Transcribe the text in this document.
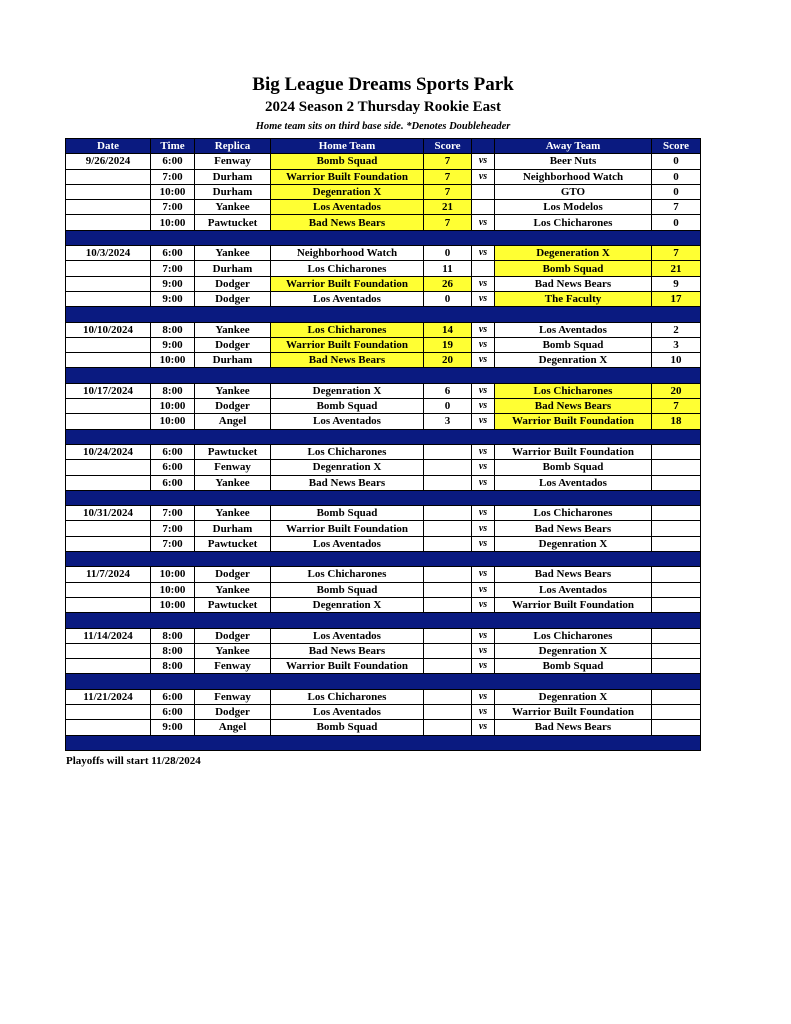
Big League Dreams Sports Park
2024 Season 2 Thursday Rookie East
Home team sits on third base side. *Denotes Doubleheader
Date	Time	Replica	Home Team	Score		Away Team	Score
9/26/2024	6:00	Fenway	Bomb Squad	7	vs	Beer Nuts	0
	7:00	Durham	Warrior Built Foundation	7	vs	Neighborhood Watch	0
	10:00	Durham	Degenration X	7		GTO	0
	7:00	Yankee	Los Aventados	21		Los Modelos	7
	10:00	Pawtucket	Bad News Bears	7	vs	Los Chicharones	0

10/3/2024	6:00	Yankee	Neighborhood Watch	0	vs	Degeneration X	7
	7:00	Durham	Los Chicharones	11		Bomb Squad	21
	9:00	Dodger	Warrior Built Foundation	26	vs	Bad News Bears	9
	9:00	Dodger	Los Aventados	0	vs	The Faculty	17

10/10/2024	8:00	Yankee	Los Chicharones	14	vs	Los Aventados	2
	9:00	Dodger	Warrior Built Foundation	19	vs	Bomb Squad	3
	10:00	Durham	Bad News Bears	20	vs	Degenration X	10

10/17/2024	8:00	Yankee	Degenration X	6	vs	Los Chicharones	20
	10:00	Dodger	Bomb Squad	0	vs	Bad News Bears	7
	10:00	Angel	Los Aventados	3	vs	Warrior Built Foundation	18

10/24/2024	6:00	Pawtucket	Los Chicharones		vs	Warrior Built Foundation	
	6:00	Fenway	Degenration X		vs	Bomb Squad	
	6:00	Yankee	Bad News Bears		vs	Los Aventados	

10/31/2024	7:00	Yankee	Bomb Squad		vs	Los Chicharones	
	7:00	Durham	Warrior Built Foundation		vs	Bad News Bears	
	7:00	Pawtucket	Los Aventados		vs	Degenration X	

11/7/2024	10:00	Dodger	Los Chicharones		vs	Bad News Bears	
	10:00	Yankee	Bomb Squad		vs	Los Aventados	
	10:00	Pawtucket	Degenration X		vs	Warrior Built Foundation	

11/14/2024	8:00	Dodger	Los Aventados		vs	Los Chicharones	
	8:00	Yankee	Bad News Bears		vs	Degenration X	
	8:00	Fenway	Warrior Built Foundation		vs	Bomb Squad	

11/21/2024	6:00	Fenway	Los Chicharones		vs	Degenration X	
	6:00	Dodger	Los Aventados		vs	Warrior Built Foundation	
	9:00	Angel	Bomb Squad		vs	Bad News Bears	

Playoffs will start 11/28/2024
